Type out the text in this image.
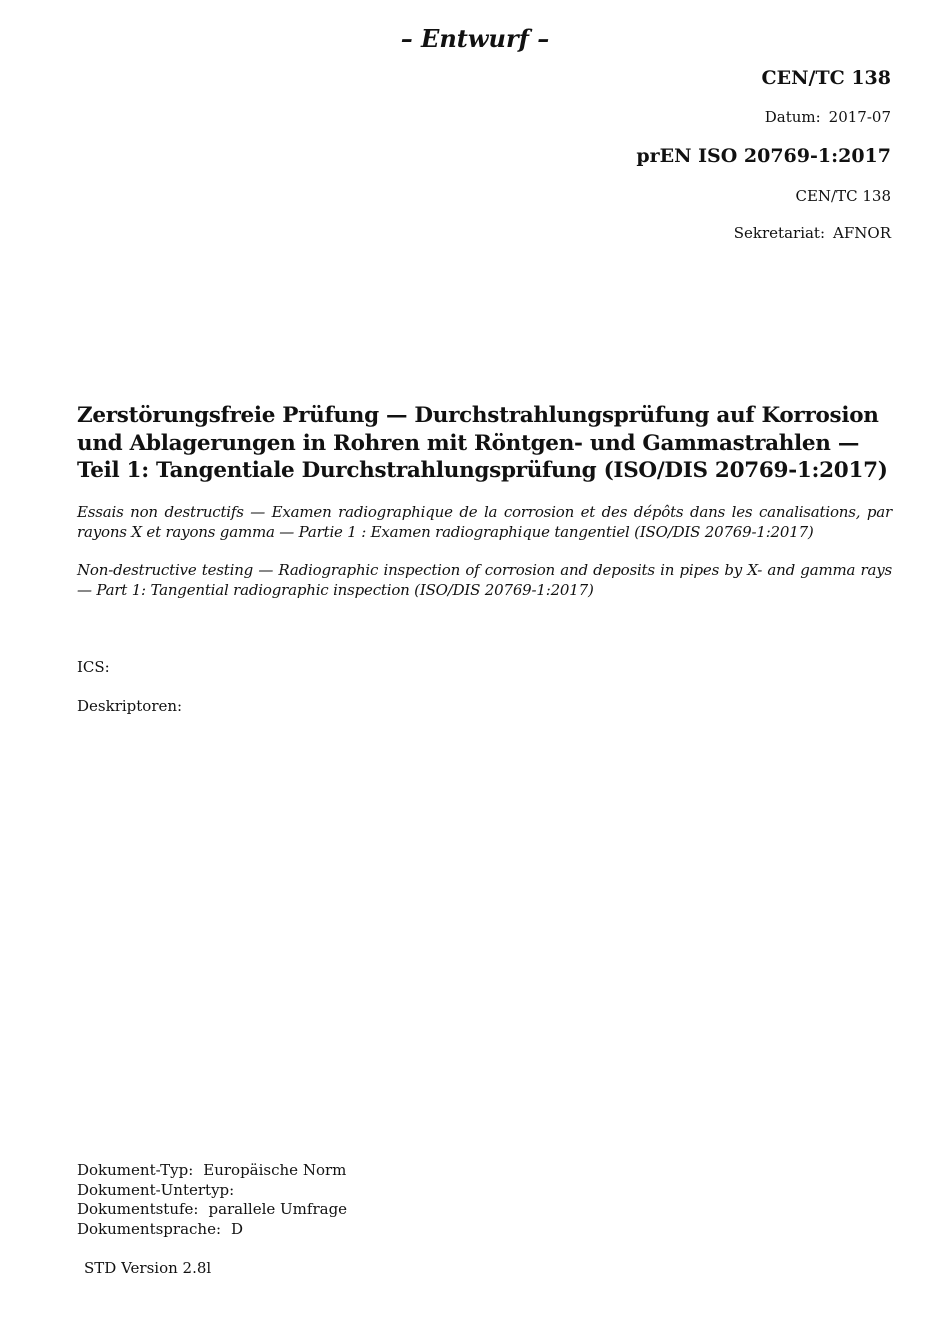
– Entwurf –
CEN/TC 138
Datum: 2017-07
prEN ISO 20769-1:2017
CEN/TC 138
Sekretariat: AFNOR
Zerstörungsfreie Prüfung — Durchstrahlungsprüfung auf Korrosion und Ablagerungen in Rohren mit Röntgen- und Gammastrahlen — Teil 1: Tangentiale Durchstrahlungsprüfung (ISO/DIS 20769-1:2017)
Essais non destructifs — Examen radiographique de la corrosion et des dépôts dans les canalisations, par rayons X et rayons gamma — Partie 1 : Examen radiographique tangentiel (ISO/DIS 20769-1:2017)
Non-destructive testing — Radiographic inspection of corrosion and deposits in pipes by X- and gamma rays — Part 1: Tangential radiographic inspection (ISO/DIS 20769-1:2017)
ICS:
Deskriptoren:
Dokument-Typ: Europäische Norm
Dokument-Untertyp:
Dokumentstufe: parallele Umfrage
Dokumentsprache: D
STD Version 2.8l
